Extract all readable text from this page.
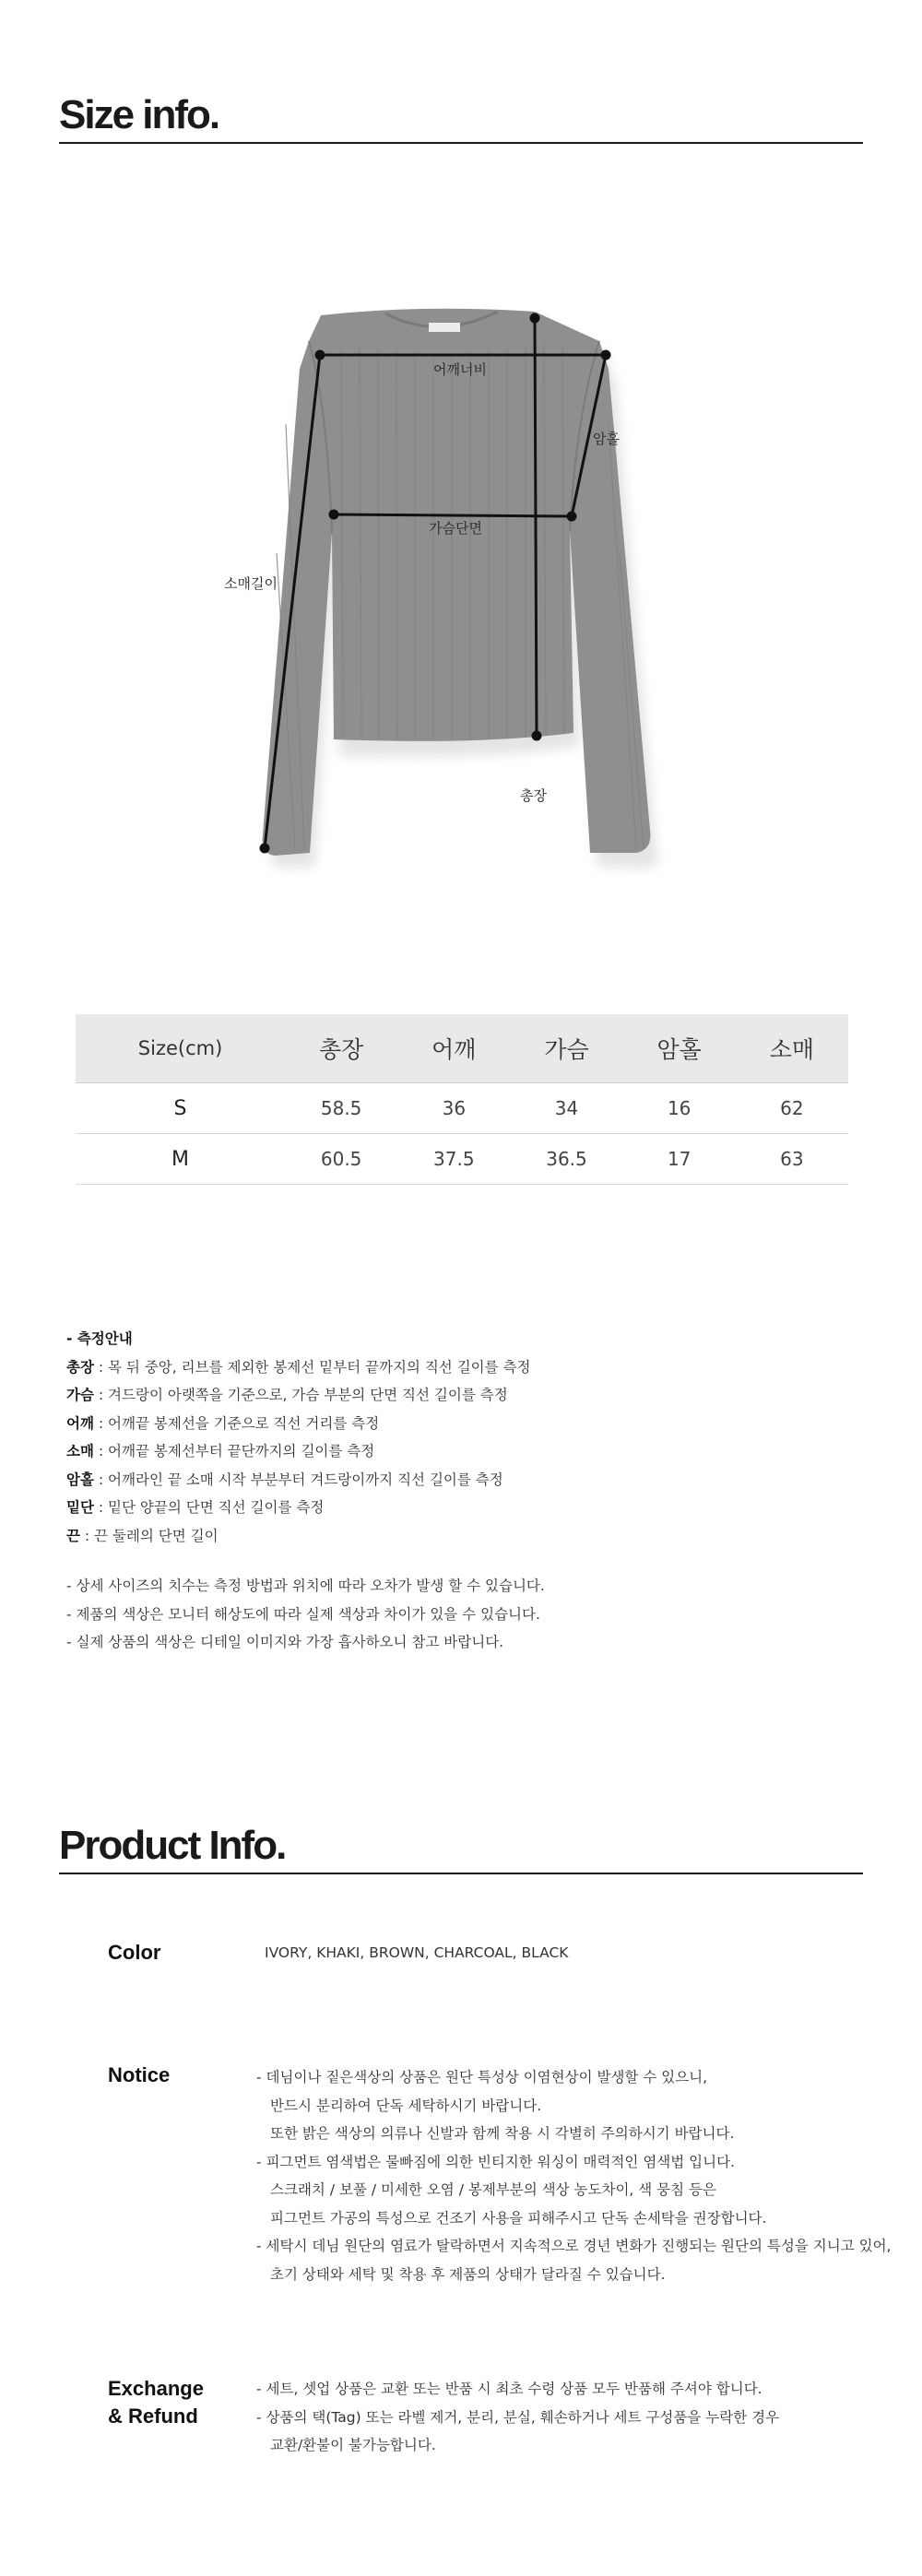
Size info.
어깨너비
암홀
가슴단면
소매길이
총장
Size(cm)	총장	어깨	가슴	암홀	소매
S	58.5	36	34	16	62
M	60.5	37.5	36.5	17	63
- 측정안내
총장 : 목 뒤 중앙, 리브를 제외한 봉제선 밑부터 끝까지의 직선 길이를 측정
가슴 : 겨드랑이 아랫쪽을 기준으로, 가슴 부분의 단면 직선 길이를 측정
어깨 : 어깨끝 봉제선을 기준으로 직선 거리를 측정
소매 : 어깨끝 봉제선부터 끝단까지의 길이를 측정
암홀 : 어깨라인 끝 소매 시작 부분부터 겨드랑이까지 직선 길이를 측정
밑단 : 밑단 양끝의 단면 직선 길이를 측정
끈 : 끈 둘레의 단면 길이
- 상세 사이즈의 치수는 측정 방법과 위치에 따라 오차가 발생 할 수 있습니다.
- 제품의 색상은 모니터 해상도에 따라 실제 색상과 차이가 있을 수 있습니다.
- 실제 상품의 색상은 디테일 이미지와 가장 흡사하오니 참고 바랍니다.
Product Info.
Color	IVORY, KHAKI, BROWN, CHARCOAL, BLACK
Notice	- 데님이나 짙은색상의 상품은 원단 특성상 이염현상이 발생할 수 있으니,
반드시 분리하여 단독 세탁하시기 바랍니다.
또한 밝은 색상의 의류나 신발과 함께 착용 시 각별히 주의하시기 바랍니다.
- 피그먼트 염색법은 물빠짐에 의한 빈티지한 워싱이 매력적인 염색법 입니다.
스크래치 / 보풀 / 미세한 오염 / 봉제부분의 색상 농도차이, 색 뭉침 등은
피그먼트 가공의 특성으로 건조기 사용을 피해주시고 단독 손세탁을 권장합니다.
- 세탁시 데님 원단의 염료가 탈락하면서 지속적으로 경년 변화가 진행되는 원단의 특성을 지니고 있어,
초기 상태와 세탁 및 착용 후 제품의 상태가 달라질 수 있습니다.
Exchange
& Refund
- 세트, 셋업 상품은 교환 또는 반품 시 최초 수령 상품 모두 반품해 주셔야 합니다.
- 상품의 택(Tag) 또는 라벨 제거, 분리, 분실, 훼손하거나 세트 구성품을 누락한 경우
교환/환불이 불가능합니다.
